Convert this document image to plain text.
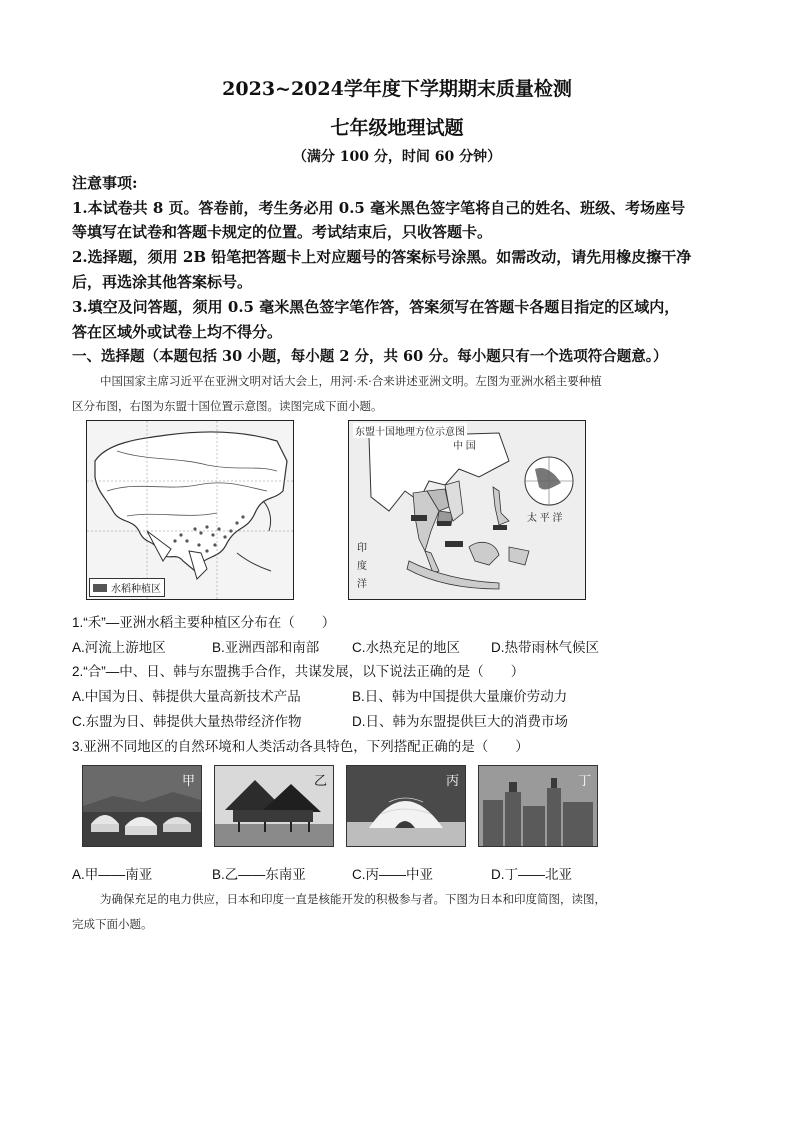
2023~2024学年度下学期期末质量检测
七年级地理试题
（满分 100 分，时间 60 分钟）
注意事项:
1.本试卷共 8 页。答卷前，考生务必用 0.5 毫米黑色签字笔将自己的姓名、班级、考场座号
等填写在试卷和答题卡规定的位置。考试结束后，只收答题卡。
2.选择题，须用 2B 铅笔把答题卡上对应题号的答案标号涂黑。如需改动，请先用橡皮擦干净
后，再选涂其他答案标号。
3.填空及问答题，须用 0.5 毫米黑色签字笔作答，答案须写在答题卡各题目指定的区域内，
答在区域外或试卷上均不得分。
一、选择题（本题包括 30 小题，每小题 2 分，共 60 分。每小题只有一个选项符合题意。）
中国国家主席习近平在亚洲文明对话大会上，用河·禾·合来讲述亚洲文明。左图为亚洲水稻主要种植
区分布图，右图为东盟十国位置示意图。读图完成下面小题。
水稻种植区
东盟十国地理方位示意图
中 国
太 平 洋
印
度
洋
1.“禾”—亚洲水稻主要种植区分布在（　　）
A.河流上游地区	B.亚洲西部和南部 C.水热充足的地区 D.热带雨林气候区
2.“合”—中、日、韩与东盟携手合作，共谋发展，以下说法正确的是（　　）
A.中国为日、韩提供大量高新技术产品	B.日、韩为中国提供大量廉价劳动力
C.东盟为日、韩提供大量热带经济作物	D.日、韩为东盟提供巨大的消费市场
3.亚洲不同地区的自然环境和人类活动各具特色，下列搭配正确的是（　　）
甲	乙	丙	丁
A.甲——南亚	B.乙——东南亚	C.丙——中亚	D.丁——北亚
为确保充足的电力供应，日本和印度一直是核能开发的积极参与者。下图为日本和印度简图，读图，
完成下面小题。
